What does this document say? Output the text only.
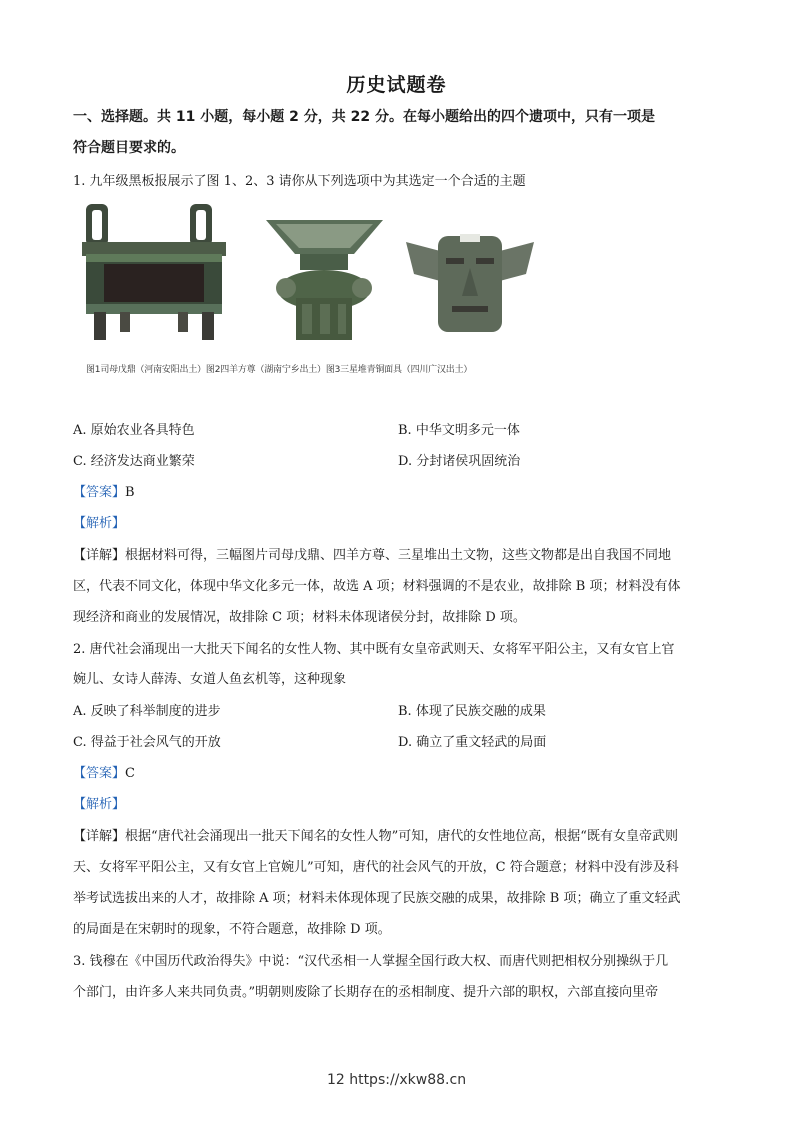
历史试题卷
一、选择题。共 11 小题，每小题 2 分，共 22 分。在每小题给出的四个遗项中，只有一项是
符合题目要求的。
1. 九年级黑板报展示了图 1、2、3 请你从下列选项中为其选定一个合适的主题
图1司母戊鼎（河南安阳出土）图2四羊方尊（湖南宁乡出土）图3三星堆青铜面具（四川广汉出土）
A. 原始农业各具特色	B. 中华文明多元一体
C. 经济发达商业繁荣	D. 分封诸侯巩固统治
【答案】B
【解析】
【详解】根据材料可得，三幅图片司母戊鼎、四羊方尊、三星堆出土文物，这些文物都是出自我国不同地
区，代表不同文化，体现中华文化多元一体，故选 A 项；材料强调的不是农业，故排除 B 项；材料没有体
现经济和商业的发展情况，故排除 C 项；材料未体现诸侯分封，故排除 D 项。
2. 唐代社会涌现出一大批天下闻名的女性人物、其中既有女皇帝武则天、女将军平阳公主，又有女官上官
婉儿、女诗人薛涛、女道人鱼玄机等，这种现象
A. 反映了科举制度的进步	B. 体现了民族交融的成果
C. 得益于社会风气的开放	D. 确立了重文轻武的局面
【答案】C
【解析】
【详解】根据“唐代社会涌现出一批天下闻名的女性人物”可知，唐代的女性地位高，根据“既有女皇帝武则
天、女将军平阳公主，又有女官上官婉儿”可知，唐代的社会风气的开放，C 符合题意；材料中没有涉及科
举考试选拔出来的人才，故排除 A 项；材料未体现体现了民族交融的成果，故排除 B 项；确立了重文轻武
的局面是在宋朝时的现象，不符合题意，故排除 D 项。
3. 钱穆在《中国历代政治得失》中说：“汉代丞相一人掌握全国行政大权、而唐代则把相权分别操纵于几
个部门，由许多人来共同负责。”明朝则废除了长期存在的丞相制度、提升六部的职权，六部直接向里帝
12 https://xkw88.cn
